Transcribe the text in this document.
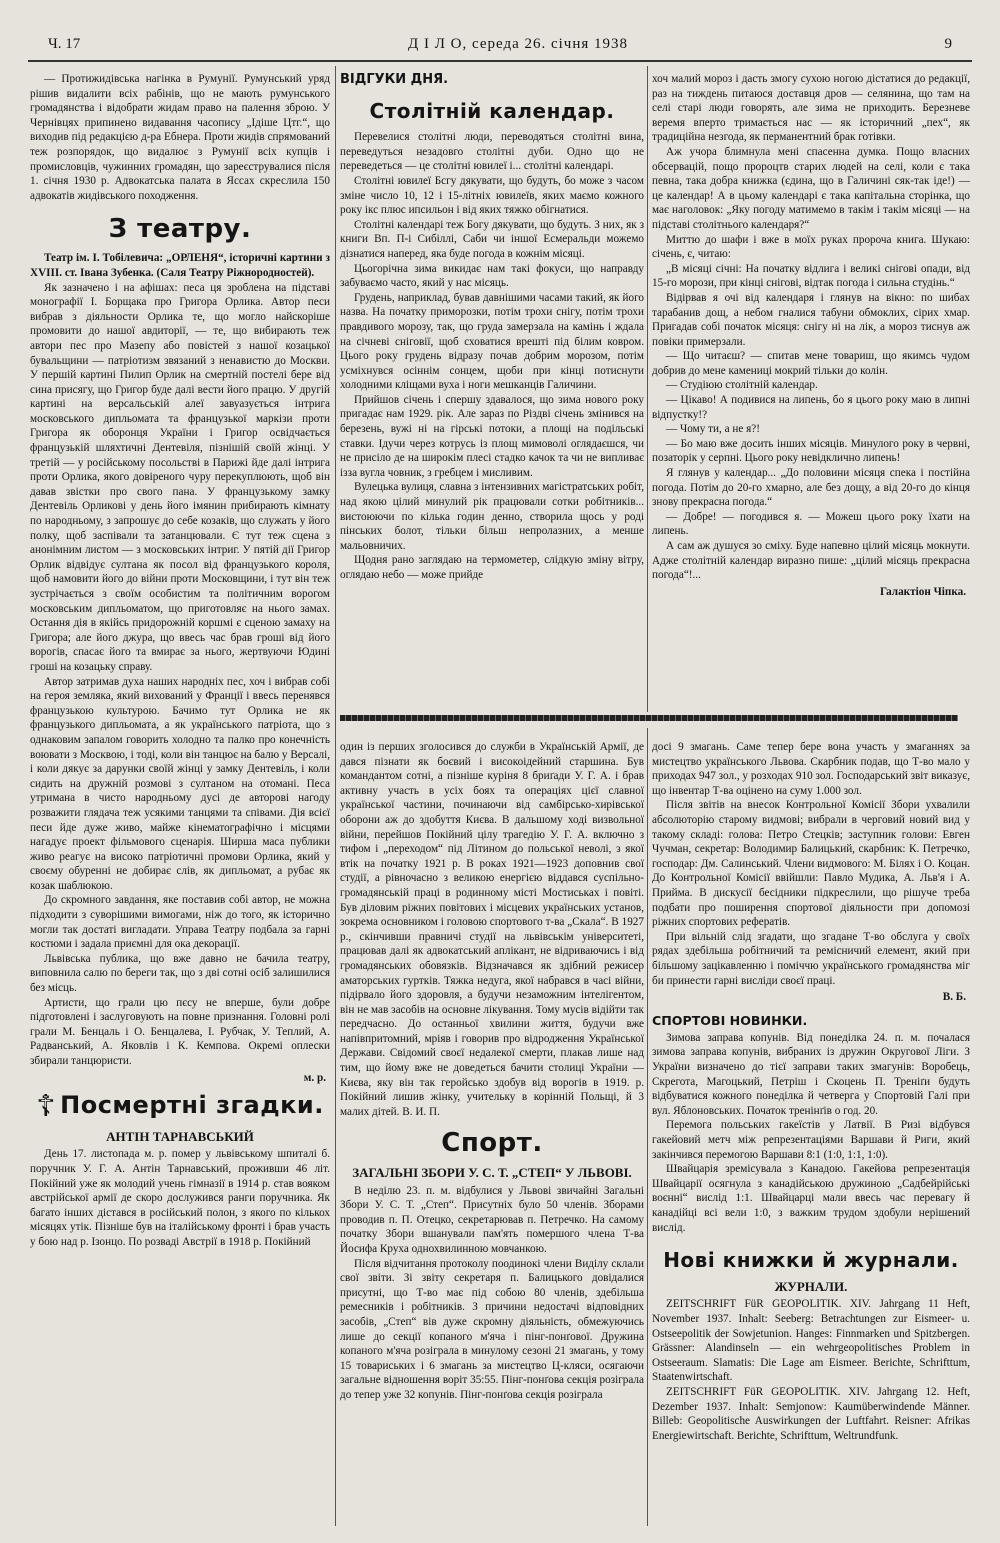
Ч. 17	Д І Л О, середа 26. січня 1938	9

— Протижидівська нагінка в Румунії. Румунський уряд рішив видалити всіх рабінів, що не мають румунського громадянства і відобрати жидам право на палення зброю. У Чернівцях припинено видавання часопису „Ідіше Цтг.“, що виходив під редакцією д-ра Ебнера. Проти жидів спрямований теж розпорядок, що видалює з Румунії всіх купців і промисловців, чужинних громадян, що зареєструвалися після 1. січня 1930 р. Адвокатська палата в Яссах скреслила 150 адвокатів жидівського походження.

З театру.

Театр ім. І. Тобілевича: „ОРЛЕНЯ“, історичні картини з XVIII. ст. Івана Зубенка. (Саля Театру Ріжнородностей).

Як зазначено і на афішах: песа ця зроблена на підставі монографії І. Борщака про Григора Орлика. Автор песи вибрав з діяльности Орлика те, що могло найскоріше промовити до нашої авдиторії, — те, що вибирають теж автори пес про Мазепу або повістей з нашої козацької бувальщини — патріотизм звязаний з ненавистю до Москви. У першій картині Пилип Орлик на смертній постелі бере від сина присягу, що Григор буде далі вести його працю. У другій картині на версальській алеї завуазується інтрига московського дипльомата та французької маркізи проти Григора як оборонця України і Григор освідчається французькій шляхтичні Дентевіля, пізнішій своїй жінці. У третій — у російському посольстві в Парижі йде далі інтрига проти Орлика, якого довіреного чуру перекуплюють, щоб він давав звістки про свого пана. У французькому замку Дентевіль Орликові у день його імянин прибирають кімнату по народньому, з запрошує до себе козаків, що служать у його полку, щоб заспівали та затанцювали. Є тут теж сцена з анонімним листом — з московських інтриг. У пятій дії Григор Орлик відвідує султана як посол від французького короля, щоб намовити його до війни проти Московщини, і тут він теж зустрічається з своїм особистим та політичним ворогом московським дипльоматом, що приготовляє на нього замах. Остання дія в якійсь придорожній коршмі є сценою замаху на Григора; але його джура, що ввесь час брав гроші від його ворогів, спасає його та вмирає за нього, жертвуючи Юдині гроші на козацьку справу.

Автор затримав духа наших народніх пес, хоч і вибрав собі на героя земляка, який вихований у Франції і ввесь перенявся французькою культурою. Бачимо тут Орлика не як французького дипльомата, а як українського патріота, що з однаковим запалом говорить холодно та палко про конечність воювати з Москвою, і тоді, коли він танцює на балю у Версалі, і коли дякує за дарунки своїй жінці у замку Дентевіль, і коли сидить на дружній розмові з султаном на отомані. Песа утримана в чисто народньому дусі де авторові нагоду розважити глядача теж усякими танцями та співами. Дія всієї песи йде дуже живо, майже кінематографічно і місцями нагадує проект фільмового сценарія. Ширша маса публики живо реагує на високо патріотичні промови Орлика, який у своєму обуренні не добирає слів, як дипльомат, а рубає як козак шаблюкою.

До скромного завдання, яке поставив собі автор, не можна підходити з суворішими вимогами, ніж до того, як історично могли так достаті вигладати. Управа Театру подбала за гарні костюми і задала приємні для ока декорації.

Львівська публика, що вже давно не бачила театру, виповнила салю по береги так, що з двi сотні осіб залишилися без місць.

Артисти, що грали цю пєсу не вперше, були добре підготовлені і заслуговують на повне признання. Головні ролі грали М. Бенцаль і О. Бенцалева, І. Рубчак, У. Теплий, А. Радванський, А. Яковлів і К. Кемпова. Окремі оплески збирали танцюристи.

м. р.
☦ Посмертні згадки.
АНТІН ТАРНАВСЬКИЙ

День 17. листопада м. р. помер у львівському шпиталі б. поручник У. Г. А. Антін Тарнавський, проживши 46 літ. Покійний уже як молодий учень гімназії в 1914 р. став вояком австрійської армії де скоро дослужився ранги поручника. Як багато інших дістався в російський полон, з якого по кількох місяцях утік. Пізніше був на італійському фронті і брав участь у бою над р. Ізонцо. По розваді Австрії в 1918 р. Покійний

ВІДГУКИ ДНЯ.
Столітній календар.

Перевелися столітні люди, переводяться столітні вина, переведуться незадовго столітні дуби. Одно що не переведеться — це столітні ювилеї і... столітні календарі.

Столітні ювилеї Бсгу дякувати, що будуть, бо може з часом зміне число 10, 12 і 15-літніх ювилеїв, яких маємо кожного року ікс плюс ипсильон і від яких тяжко обігнатися.

Столітні календарі теж Богу дякувати, що будуть. З них, як з книги Вп. П-і Сибіллі, Саби чи іншої Есмеральди можемо дізнатися наперед, яка буде погода в кожнім місяці.

Цьогорічна зима викидає нам такі фокуси, що направду забуваємо часто, який у нас місяць.

Грудень, наприклад, бував давнішими часами такий, як його назва. На початку примoрозки, потім трохи снігу, потім трохи правдивого морозу, так, що груда замерзала на камінь і ждала на січневі сніговії, щоб сховатися врешті під білим ковром. Цього року грудень відразу почав добрим морозом, потім усміхнувся осіннім сонцем, щоби при кінці потиснути холодними кліщами вуха і ноги мешканців Галичини.

Прийшов січень і спершу здавалося, що зима нового року пригадає нам 1929. рік. Але зараз по Різдві січень змінився на березень, вужі ні на гірські потоки, а площі на подільські ставки. Ідучи через котрусь із площ мимоволі оглядаєшся, чи не присіло де на широкім плесі стадко качок та чи не випливає ізза вугла човник, з гребцем і мисливим.

Вулецька вулиця, славна з інтензивних магістратських робіт, над якою цілий минулий рік працювали сотки робітників... вистоюючи по кілька годин денно, створила щось у роді пінських болот, тільки більш непролазних, а менше мальовничих.

Щодня рано заглядаю на термометер, слідкую зміну вітру, оглядаю небо — може прийде

хоч малий мороз і дасть змогу сухою ногою дістатися до редакції, раз на тиждень питаюся доставця дров — селянина, що там на селі старі люди говорять, але зима не приходить. Березневе веремя вперто тримається нас — як історичний „пех“, як традиційна незгода, як перманентний брак готівки.

Аж учора блимнула мені спасенна думка. Пощо власних обсервацій, пощо пророцтв старих людей на селі, коли є така певна, така добра книжка (єдина, що в Галичині сяк-так іде!) — це календар! А в цьому календарі є така капітальна сторінка, що має наголовок: „Яку погоду матимемо в такім і такім місяці — на підставі столітнього календаря?“

Миттю до шафи і вже в моїх руках пророча книга. Шукаю: січень, є, читаю:

„В місяці січні: На початку відлига і великі снігові опади, від 15-го морози, при кінці снігові, відтак погода і сильна студінь.“

Відірвав я очі від календаря і глянув на вікно: по шибах тарабанив дощ, а небом гналися табуни обмоклих, сірих хмар. Пригадав собі початок місяця: снігу ні на лік, а мороз тиснув аж повіки примерзали.

— Що читаєш? — спитав мене товариш, що якимсь чудом добрив до мене камениці мокрий тільки до колін.

— Студіюю столітній календар.

— Цікаво! А подивися на липень, бо я цього року маю в липні відпустку!?

— Чому ти, а не я?!

— Бо маю вже досить інших місяців. Минулого року в червні, позаторік у серпні. Цього року невідклично липень!

Я глянув у календар... „До половини місяця спека і постійна погода. Потім до 20-го хмарно, але без дощу, а від 20-го до кінця знову прекрасна погода.“

— Добре! — погодився я. — Можеш цього року їхати на липень.

А сам аж душуся зо сміху. Буде напевно цілий місяць мокнути. Адже столітній календар виразно пише: „цілий місяць прекрасна погода“!...

Галактіон Чіпка.

один із перших зголосився до служби в Українській Армії, де дався пізнати як боєвий і високоідейний старшина. Був командантом сотні, а пізніше куріня 8 бриґади У. Г. А. і брав активну участь в усіх боях та операціях цієї славної української частини, починаючи від самбірсько-хирівської оборони аж до здобуття Києва. В дальшому ході визвольної війни, перейшов Покійний цілу трагедію У. Г. А. включно з тифом і „переходом“ під Літином до польської неволі, з якої втік на початку 1921 р. В роках 1921—1923 доповнив свої студії, а рівночасно з великою енергією віддався суспільно-громадянській праці в родинному місті Мостиськах і повіті. Був діловим ріжних повітових і місцевих українських установ, зокрема основником і головою спортового т-ва „Скала“. В 1927 р., скінчивши правничі студії на львівськім університеті, працював далі як адвокатський аплікант, не відриваючись і від громадянських обовязків. Відзначався як здібний режисер аматорських гуртків. Тяжка недуга, якої набрався в часі війни, підірвало його здоровля, а будучи незаможним інтелігентом, він не мав засобів на основне лікування. Тому мусів відійти так передчасно. До останньої хвилини життя, будучи вже напівпритомний, мріяв і говорив про відродження Української Держави. Свідомий своєї недалекої смерти, плакав лише над тим, що йому вже не доведеться бачити столиці України — Києва, яку він так геройсько здобув від ворогів в 1919. р. Покійний лишив жінку, учительку в корінній Польщі, й 3 малих дітей. В. И. П.

Спорт.
ЗАГАЛЬНІ ЗБОРИ У. С. Т. „СТЕП“ У ЛЬВОВІ.

В неділю 23. п. м. відбулися у Львові звичайні Загальні Збори У. С. Т. „Степ“. Присутніх було 50 членів. Зборами проводив п. П. Отецко, секретарював п. Петречко. На самому початку Збори вшанували пам'ять помершого члена Т-ва Йосифа Круха однохвилинною мовчанкою.

Після відчитання протоколу поодинокі члени Виділу склали свої звіти. Зі звіту секретаря п. Балицького довідалися присутні, що Т-во має під собою 80 членів, здебільша ремесників і робітників. З причини недостачі відповідних засобів, „Степ“ вів дуже скромну діяльність, обмежуючись лише до секції копаного м'яча і пінг-понґової. Дружина копаного м'яча розіграла в минулому сезоні 21 змагань, у тому 15 товариських і 6 змагань за мистецтво Ц-кляси, осягаючи загальне відношення воріт 35:55. Пінг-понґова секція розіграла до тепер уже 32 копунів. Пінг-понґова секція розіграла

досі 9 змагань. Саме тепер бере вона участь у змаганнях за мистецтво українського Львова. Скарбник подав, що Т-во мало у приходах 947 зол., у розходах 910 зол. Господарський звіт виказує, що інвентар Т-ва оцінено на суму 1.000 зол.

Після звітів на внесок Контрольної Комісії Збори ухвалили абсолюторію старому видмові; вибрали в черговий новий вид у такому складі: голова: Петро Стецків; заступник голови: Евген Чучман, секретар: Володимир Балицький, скарбник: К. Петречко, господар: Дм. Салинський. Члени видмового: М. Білях і О. Коцан. До Контрольної Комісії ввійшли: Павло Мудика, А. Льв'я і А. Прийма. В дискусії бесідники підкреслили, що рішуче треба подбати про поширення спортової діяльности при допомозі ріжних спортових рефератів.

При вільній слід згадати, що згадане Т-во обслуга у своїх рядах здебільша робітничий та ремісничий елемент, який при більшому зацікавленню і поміччю українського громадянства міг би принести гарні висліди своєї праці.

В. Б.
СПОРТОВІ НОВИНКИ.

Зимова заправа копунів. Від понеділка 24. п. м. почалася зимова заправа копунів, вибраних із дружин Округової Ліги. З України визначено до тієї заправи таких змагунів: Воробець, Скрегота, Магоцький, Петріш і Скоцень П. Треніґи будуть відбуватися кожного понеділка й четверга у Спортовій Галі при вул. Яблоновських. Початок тренінґів о год. 20.

Перемога польських гакеїстів у Латвії. В Ризі відбувся гакейовий метч між репрезентаціями Варшави й Риги, який закінчився перемогою Варшави 8:1 (1:0, 1:1, 1:0).

Швайцарія зремісувала з Канадою. Гакейова репрезентація Швайцарії осягнула з канадійською дружиною „Садбейрійські воєнні“ вислід 1:1. Швайцарці мали ввесь час перевагу й канадійці всі вели 1:0, з важким трудом здобули нерішений вислід.

Нові книжки й журнали.
ЖУРНАЛИ.

ZEITSCHRIFT FüR GEOPOLITIK. XIV. Jahrgang 11 Heft, November 1937. Inhalt: Seeberg: Betrachtungen zur Eismeer- u. Ostseepolitik der Sowjetunion. Hanges: Finnmarken und Spitzbergen. Grässner: Alandinseln — ein wehrgeopolitisches Problem in Ostseeraum. Slamatis: Die Lage am Eismeer. Berichte, Schrifttum, Staatenwirtschaft.

ZEITSCHRIFT FüR GEOPOLITIK. XIV. Jahrgang 12. Heft, Dezember 1937. Inhalt: Semjonow: Kaumüberwindende Männer. Billeb: Geopolitische Auswirkungen der Luftfahrt. Reisner: Afrikas Energiewirtschaft. Berichte, Schrifttum, Weltrundfunk.
